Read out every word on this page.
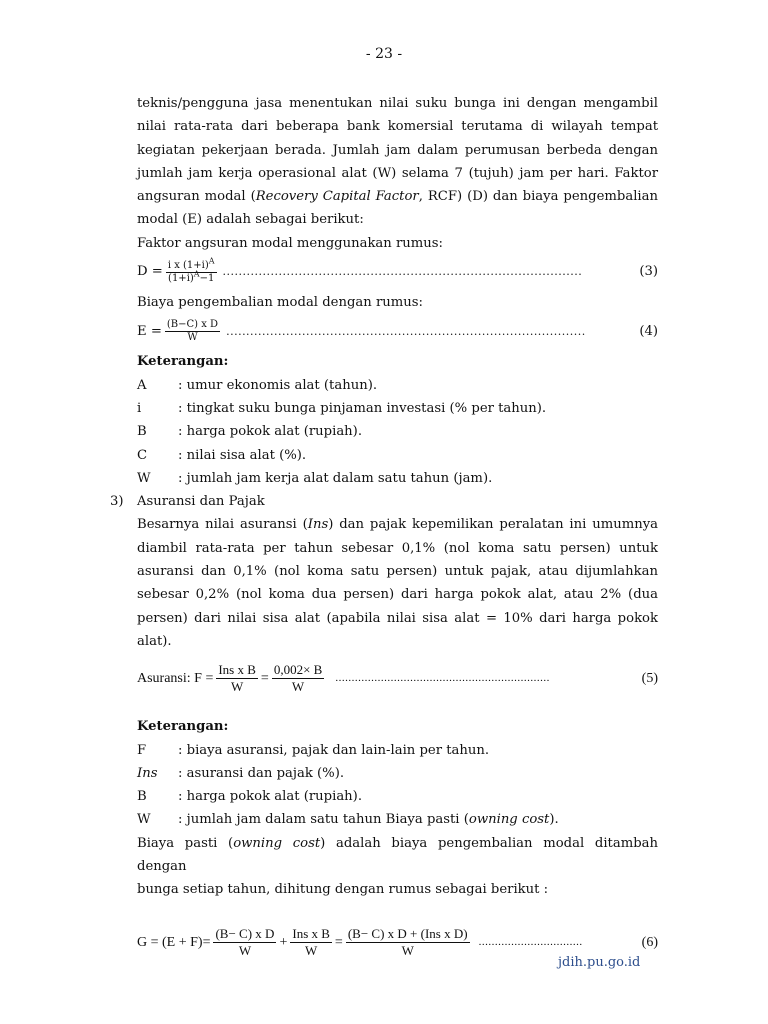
- 23 -

teknis/pengguna jasa menentukan nilai suku bunga ini dengan mengambil

nilai rata-rata dari beberapa bank komersial terutama di wilayah tempat

kegiatan pekerjaan berada. Jumlah jam dalam perumusan berbeda dengan

jumlah jam kerja operasional alat (W) selama 7 (tujuh) jam per hari. Faktor

angsuran modal (Recovery Capital Factor, RCF) (D) dan biaya pengembalian

modal (E) adalah sebagai berikut:

Faktor angsuran modal menggunakan rumus:
$D = \frac{i x (1+i)^A}{(1+i)^A-1}$ ..........................................................................................	(3)
Biaya pengembalian modal dengan rumus:
$E = \frac{\text{(B−C) x D}}{W}$ ..........................................................................................	(4)
Keterangan:
A	: umur ekonomis alat (tahun).
i	: tingkat suku bunga pinjaman investasi (% per tahun).
B	: harga pokok alat (rupiah).
C	: nilai sisa alat (%).
W	: jumlah jam kerja alat dalam satu tahun (jam).
3) Asuransi dan Pajak

Besarnya nilai asuransi (Ins) dan pajak kepemilikan peralatan ini umumnya

diambil rata-rata per tahun sebesar 0,1% (nol koma satu persen) untuk

asuransi dan 0,1% (nol koma satu persen) untuk pajak, atau dijumlahkan

sebesar 0,2% (nol koma dua persen) dari harga pokok alat, atau 2% (dua

persen) dari nilai sisa alat (apabila nilai sisa alat = 10% dari harga pokok

alat).

Asuransi: $F = \frac{\text{Ins x B}}{W} = \frac{0,002\times B}{W}$ ..................................................................	(5)
Keterangan:
F	: biaya asuransi, pajak dan lain-lain per tahun.
Ins	: asuransi dan pajak (%).
B	: harga pokok alat (rupiah).
W	: jumlah jam dalam satu tahun Biaya pasti (owning cost).

Biaya pasti (owning cost) adalah biaya pengembalian modal ditambah dengan

bunga setiap tahun, dihitung dengan rumus sebagai berikut :

$G = (E + F)= \frac{\text{(B− C) x D}}{W} + \frac{\text{Ins x B}}{W} = \frac{\text{(B− C) x D + (Ins x D)}}{W}$ ................................	(6)
jdih.pu.go.id
